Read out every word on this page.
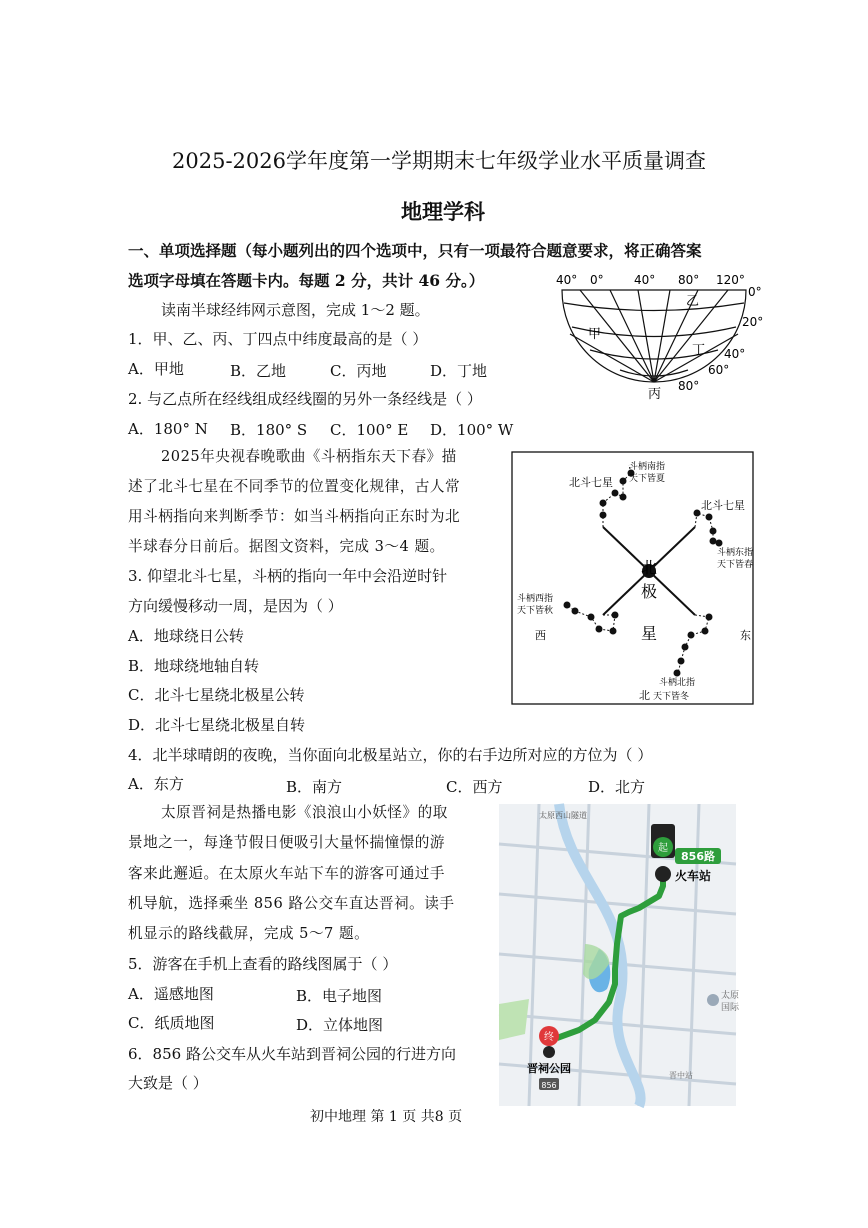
2025-2026学年度第一学期期末七年级学业水平质量调查
地理学科
一、单项选择题（每小题列出的四个选项中，只有一项最符合题意要求，将正确答案
选项字母填在答题卡内。每题 2 分，共计 46 分。）
读南半球经纬网示意图，完成 1～2 题。
1．甲、乙、丙、丁四点中纬度最高的是（ ）
A．甲地	B．乙地	C．丙地	D．丁地
2. 与乙点所在经线组成经线圈的另外一条经线是（ ）
A．180° N B．180° S C．100° E D．100° W
40° 0°	40° 80° 120°
0°
20°
40°
60°
80°
乙
甲
丁
丙
2025年央视春晚歌曲《斗柄指东天下春》描
述了北斗七星在不同季节的位置变化规律，古人常
用斗柄指向来判断季节：如当斗柄指向正东时为北
半球春分日前后。据图文资料，完成 3～4 题。
3. 仰望北斗七星，斗柄的指向一年中会沿逆时针
方向缓慢移动一周，是因为（ ）
A．地球绕日公转
B．地球绕地轴自转
C．北斗七星绕北极星公转
D．北斗七星绕北极星自转
4．北半球晴朗的夜晚，当你面向北极星站立，你的右手边所对应的方位为（ ）
A．东方	B．南方	C．西方	D．北方
北
极
星
北斗七星
斗柄南指
天下皆夏
北斗七星
斗柄东指
天下皆春
斗柄西指
天下皆秋
西	东
斗柄北指
北 天下皆冬
太原晋祠是热播电影《浪浪山小妖怪》的取
景地之一，每逢节假日便吸引大量怀揣憧憬的游
客来此邂逅。在太原火车站下车的游客可通过手
机导航，选择乘坐 856 路公交车直达晋祠。读手
机显示的路线截屏，完成 5～7 题。
5．游客在手机上查看的路线图属于（ ）
A．遥感地图	B．电子地图
C．纸质地图	D．立体地图
6．856 路公交车从火车站到晋祠公园的行进方向
大致是（ ）
太原西山隧道
起
856路
火车站
终
晋祠公园
856
太原
国际
晋中站
初中地理 第 1 页 共8 页
